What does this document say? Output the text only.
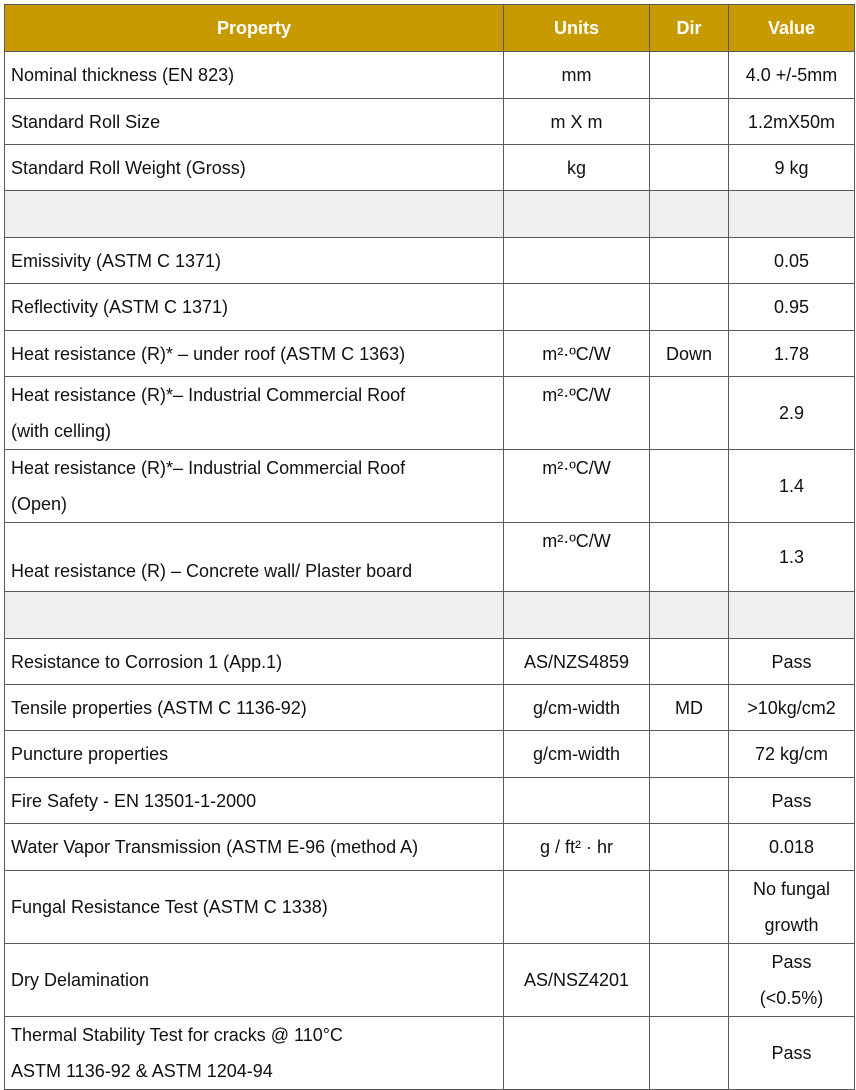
Property	Units	Dir	Value
Nominal thickness (EN 823)	mm		4.0 +/-5mm
Standard Roll Size	m X m		1.2mX50m
Standard Roll Weight (Gross)	kg		9 kg

Emissivity (ASTM C 1371)			0.05
Reflectivity (ASTM C 1371)			0.95
Heat resistance (R)* – under roof (ASTM C 1363)	m²·ºC/W	Down	1.78

Heat resistance (R)*– Industrial Commercial Roof
(with celling)	m²·ºC/W		2.9

Heat resistance (R)*– Industrial Commercial Roof
(Open)	m²·ºC/W		1.4
Heat resistance (R) – Concrete wall/ Plaster board	m²·ºC/W		1.3

Resistance to Corrosion 1 (App.1)	AS/NZS4859		Pass
Tensile properties (ASTM C 1136-92)	g/cm-width	MD	>10kg/cm2
Puncture properties	g/cm-width		72 kg/cm
Fire Safety - EN 13501-1-2000			Pass
Water Vapor Transmission (ASTM E-96 (method A)	g / ft² · hr		0.018
Fungal Resistance Test (ASTM C 1338)			No fungal
growth

Dry Delamination	AS/NSZ4201		Pass
(<0.5%)

Thermal Stability Test for cracks @ 110°C
ASTM 1136-92 & ASTM 1204-94			Pass
